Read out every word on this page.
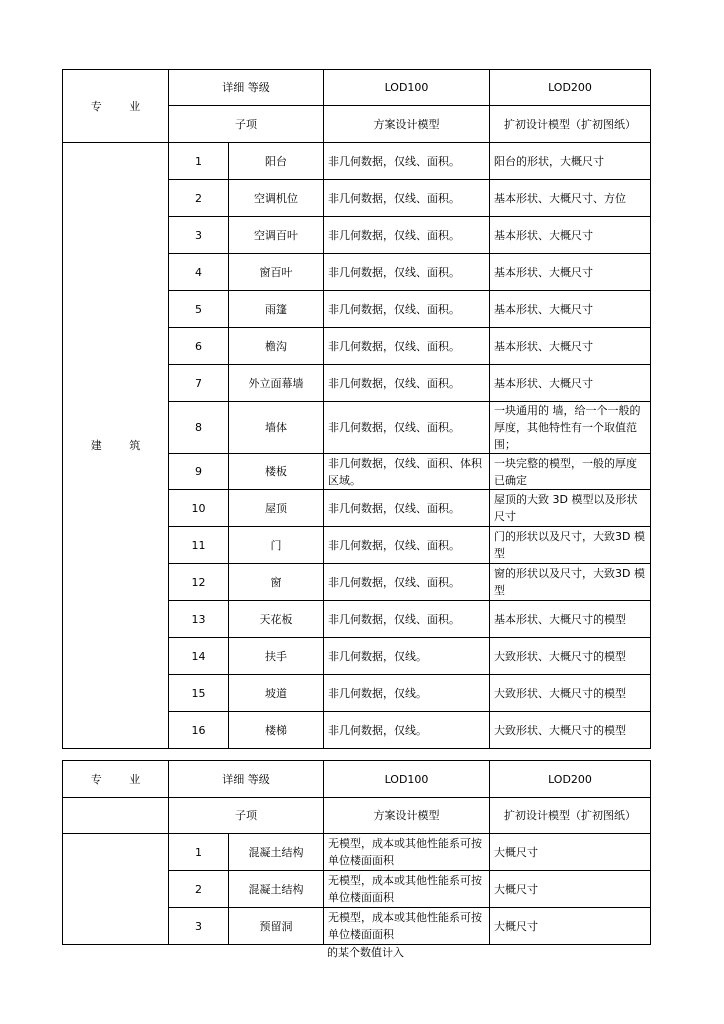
专 业	详细 等级		LOD100	LOD200
	子项		方案设计模型	扩初设计模型（扩初图纸）
建 筑	1	阳台	非几何数据，仅线、面积。	阳台的形状，大概尺寸
	2	空调机位	非几何数据，仅线、面积。	基本形状、大概尺寸、方位
	3	空调百叶	非几何数据，仅线、面积。	基本形状、大概尺寸
	4	窗百叶	非几何数据，仅线、面积。	基本形状、大概尺寸
	5	雨篷	非几何数据，仅线、面积。	基本形状、大概尺寸
	6	檐沟	非几何数据，仅线、面积。	基本形状、大概尺寸
	7	外立面幕墙	非几何数据，仅线、面积。	基本形状、大概尺寸
	8	墙体	非几何数据，仅线、面积。	一块通用的 墙，给一个一般的厚度，其他特性有一个取值范 围；
	9	楼板	非几何数据，仅线、面积、体积区域。	一块完整的模型，一般的厚度已确定
	10	屋顶	非几何数据，仅线、面积。	屋顶的大致 3D 模型以及形状尺寸
	11	门	非几何数据，仅线、面积。	门的形状以及尺寸，大致3D 模型
	12	窗	非几何数据，仅线、面积。	窗的形状以及尺寸，大致3D 模型
	13	天花板	非几何数据，仅线、面积。	基本形状、大概尺寸的模型
	14	扶手	非几何数据，仅线。	大致形状、大概尺寸的模型
	15	坡道	非几何数据，仅线。	大致形状、大概尺寸的模型
	16	楼梯	非几何数据，仅线。	大致形状、大概尺寸的模型
专 业	详细 等级		LOD100	LOD200
	子项		方案设计模型	扩初设计模型（扩初图纸）
	1	混凝土结构	无模型，成本或其他性能系可按单位楼面面积	大概尺寸
	2	混凝土结构	无模型，成本或其他性能系可按单位楼面面积	大概尺寸
	3	预留洞	无模型，成本或其他性能系可按单位楼面面积	大概尺寸
的某个数值计入
